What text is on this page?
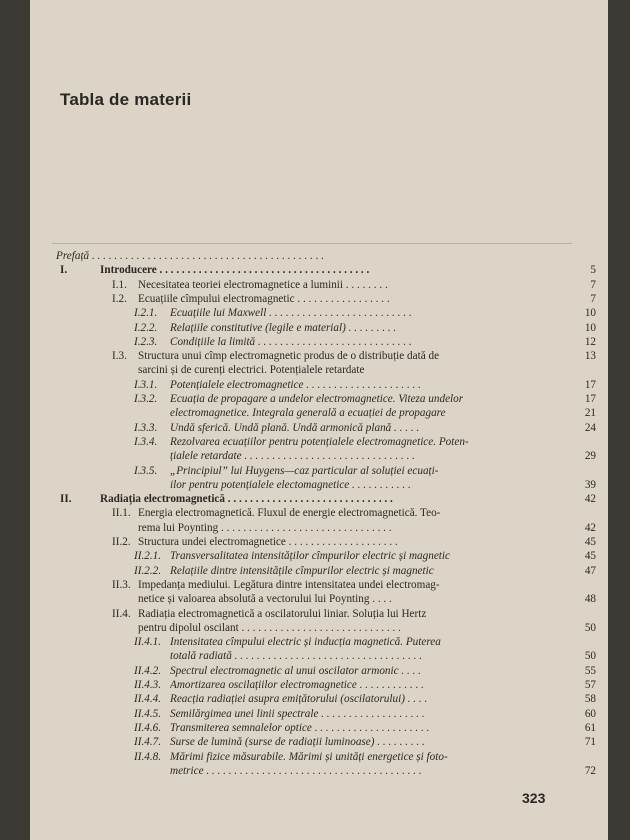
Tabla de materii
Prefață . . . . . . . . . . . . . . . . . . . . . . . . . . . . . . . . . . . . . . . . . .
I.	Introducere . . . . . . . . . . . . . . . . . . . . . . . . . . . . . . . . . . . . . .	5
I.1. Necesitatea teoriei electromagnetice a luminii . . . . . . . .	7
I.2. Ecuațiile cîmpului electromagnetic . . . . . . . . . . . . . . . . .	7
I.2.1. Ecuațiile lui Maxwell . . . . . . . . . . . . . . . . . . . . . . . . . .	10
I.2.2. Relațiile constitutive (legile e material) . . . . . . . . .	10
I.2.3. Condițiile la limită . . . . . . . . . . . . . . . . . . . . . . . . . . . .	12
I.3. Structura unui cîmp electromagnetic produs de o distribuție dată de	13
sarcini și de curenți electrici. Potențialele retardate
I.3.1. Potențialele electromagnetice . . . . . . . . . . . . . . . . . . . . .	17
I.3.2. Ecuația de propagare a undelor electromagnetice. Viteza undelor	17
electromagnetice. Integrala generală a ecuației de propagare	21
I.3.3. Undă sferică. Undă plană. Undă armonică plană . . . . .	24
I.3.4. Rezolvarea ecuațiilor pentru potențialele electromagnetice. Poten-
țialele retardate . . . . . . . . . . . . . . . . . . . . . . . . . . . . . . .	29
I.3.5. „Principiul” lui Huygens—caz particular al soluției ecuați-
ilor pentru potențialele electomagnetice . . . . . . . . . . .	39
II.	Radiația electromagnetică . . . . . . . . . . . . . . . . . . . . . . . . . . . . . .	42
II.1. Energia electromagnetică. Fluxul de energie electromagnetică. Teo-
rema lui Poynting . . . . . . . . . . . . . . . . . . . . . . . . . . . . . . .	42
II.2. Structura undei electromagnetice . . . . . . . . . . . . . . . . . . . .	45
II.2.1. Transversalitatea intensităților cîmpurilor electric și magnetic	45
II.2.2. Relațiile dintre intensitățile cîmpurilor electric și magnetic	47
II.3. Impedanța mediului. Legătura dintre intensitatea undei electromag-
netice și valoarea absolută a vectorului lui Poynting . . . .	48
II.4. Radiația electromagnetică a oscilatorului liniar. Soluția lui Hertz
pentru dipolul oscilant . . . . . . . . . . . . . . . . . . . . . . . . . . . . .	50
II.4.1. Intensitatea cîmpului electric și inducția magnetică. Puterea
totală radiată . . . . . . . . . . . . . . . . . . . . . . . . . . . . . . . . . .	50
II.4.2. Spectrul electromagnetic al unui oscilator armonic . . . .	55
II.4.3. Amortizarea oscilațiilor electromagnetice . . . . . . . . . . . .	57
II.4.4. Reacția radiației asupra emițătorului (oscilatorului) . . . .	58
II.4.5. Semilărgimea unei linii spectrale . . . . . . . . . . . . . . . . . . .	60
II.4.6. Transmiterea semnalelor optice . . . . . . . . . . . . . . . . . . . . .	61
II.4.7. Surse de lumină (surse de radiații luminoase) . . . . . . . . .	71
II.4.8. Mărimi fizice măsurabile. Mărimi și unități energetice și foto-
metrice . . . . . . . . . . . . . . . . . . . . . . . . . . . . . . . . . . . . . . .	72
323
